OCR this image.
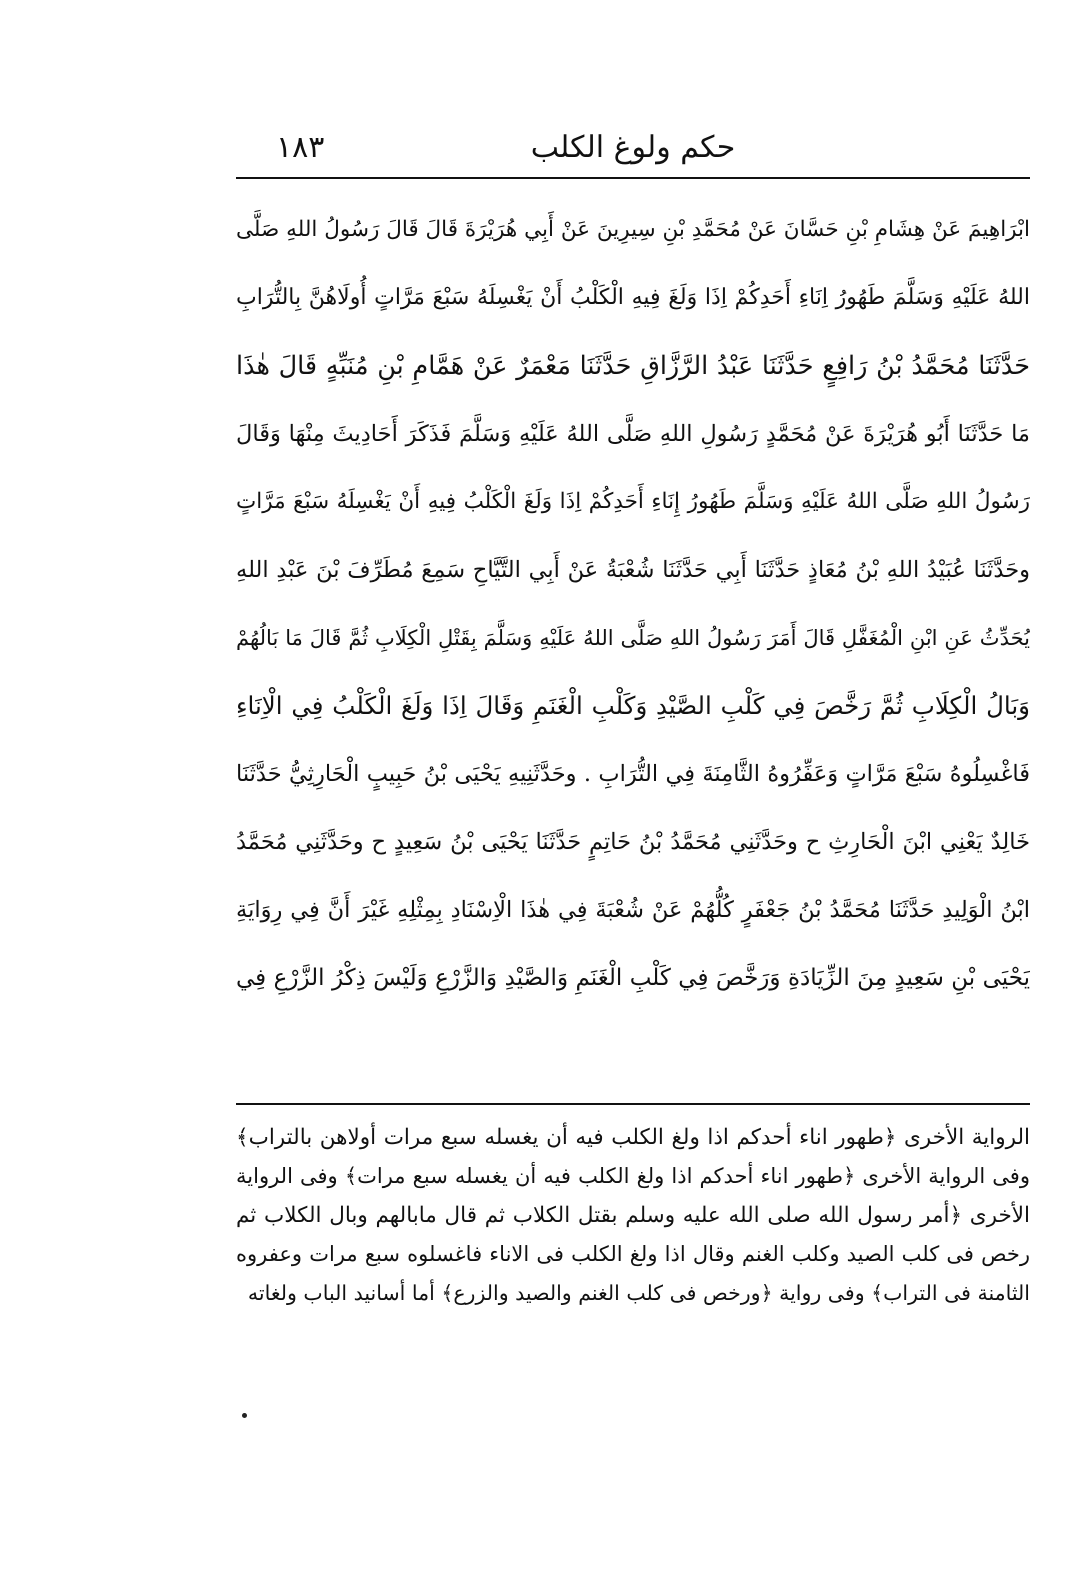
حكم ولوغ الكلب
١٨٣
ابْرَاهِيمَ عَنْ هِشَامِ بْنِ حَسَّانَ عَنْ مُحَمَّدِ بْنِ سِيرِينَ عَنْ أَبِي هُرَيْرَةَ قَالَ قَالَ رَسُولُ اللهِ صَلَّى
اللهُ عَلَيْهِ وَسَلَّمَ طَهُورُ اِنَاءِ أَحَدِكُمْ اِذَا وَلَغَ فِيهِ الْكَلْبُ أَنْ يَغْسِلَهُ سَبْعَ مَرَّاتٍ أُولَاهُنَّ بِالتُّرَابِ
حَدَّثَنَا مُحَمَّدُ بْنُ رَافِعٍ حَدَّثَنَا عَبْدُ الرَّزَّاقِ حَدَّثَنَا مَعْمَرٌ عَنْ هَمَّامِ بْنِ مُنَبِّهٍ قَالَ هٰذَا
مَا حَدَّثَنَا أَبُو هُرَيْرَةَ عَنْ مُحَمَّدٍ رَسُولِ اللهِ صَلَّى اللهُ عَلَيْهِ وَسَلَّمَ فَذَكَرَ أَحَادِيثَ مِنْهَا وَقَالَ
رَسُولُ اللهِ صَلَّى اللهُ عَلَيْهِ وَسَلَّمَ طَهُورُ إِنَاءِ أَحَدِكُمْ اِذَا وَلَغَ الْكَلْبُ فِيهِ أَنْ يَغْسِلَهُ سَبْعَ مَرَّاتٍ
وحَدَّثَنَا عُبَيْدُ اللهِ بْنُ مُعَاذٍ حَدَّثَنَا أَبِي حَدَّثَنَا شُعْبَةُ عَنْ أَبِي التَّيَّاحِ سَمِعَ مُطَرِّفَ بْنَ عَبْدِ اللهِ
يُحَدِّثُ عَنِ ابْنِ الْمُغَفَّلِ قَالَ أَمَرَ رَسُولُ اللهِ صَلَّى اللهُ عَلَيْهِ وَسَلَّمَ بِقَتْلِ الْكِلَابِ ثُمَّ قَالَ مَا بَالُهُمْ
وَبَالُ الْكِلَابِ ثُمَّ رَخَّصَ فِي كَلْبِ الصَّيْدِ وَكَلْبِ الْغَنَمِ وَقَالَ اِذَا وَلَغَ الْكَلْبُ فِي الْاِنَاءِ
فَاغْسِلُوهُ سَبْعَ مَرَّاتٍ وَعَفِّرُوهُ الثَّامِنَةَ فِي التُّرَابِ . وحَدَّثَنِيهِ يَحْيَى بْنُ حَبِيبٍ الْحَارِثِيُّ حَدَّثَنَا
خَالِدٌ يَعْنِي ابْنَ الْحَارِثِ ح وحَدَّثَنِي مُحَمَّدُ بْنُ حَاتِمٍ حَدَّثَنَا يَحْيَى بْنُ سَعِيدٍ ح وحَدَّثَنِي مُحَمَّدُ
ابْنُ الْوَلِيدِ حَدَّثَنَا مُحَمَّدُ بْنُ جَعْفَرٍ كُلُّهُمْ عَنْ شُعْبَةَ فِي هٰذَا الْاِسْنَادِ بِمِثْلِهِ غَيْرَ أَنَّ فِي رِوَايَةِ
يَحْيَى بْنِ سَعِيدٍ مِنَ الزِّيَادَةِ وَرَخَّصَ فِي كَلْبِ الْغَنَمِ وَالصَّيْدِ وَالزَّرْعِ وَلَيْسَ ذِكْرُ الزَّرْعِ فِي
الرواية الأخرى ﴿طهور اناء أحدكم اذا ولغ الكلب فيه أن يغسله سبع مرات أولاهن بالتراب﴾
وفى الرواية الأخرى ﴿طهور اناء أحدكم اذا ولغ الكلب فيه أن يغسله سبع مرات﴾ وفى الرواية
الأخرى ﴿أمر رسول الله صلى الله عليه وسلم بقتل الكلاب ثم قال مابالهم وبال الكلاب ثم
رخص فى كلب الصيد وكلب الغنم وقال اذا ولغ الكلب فى الاناء فاغسلوه سبع مرات وعفروه
الثامنة فى التراب﴾ وفى رواية ﴿ورخص فى كلب الغنم والصيد والزرع﴾ أما أسانيد الباب ولغاته
